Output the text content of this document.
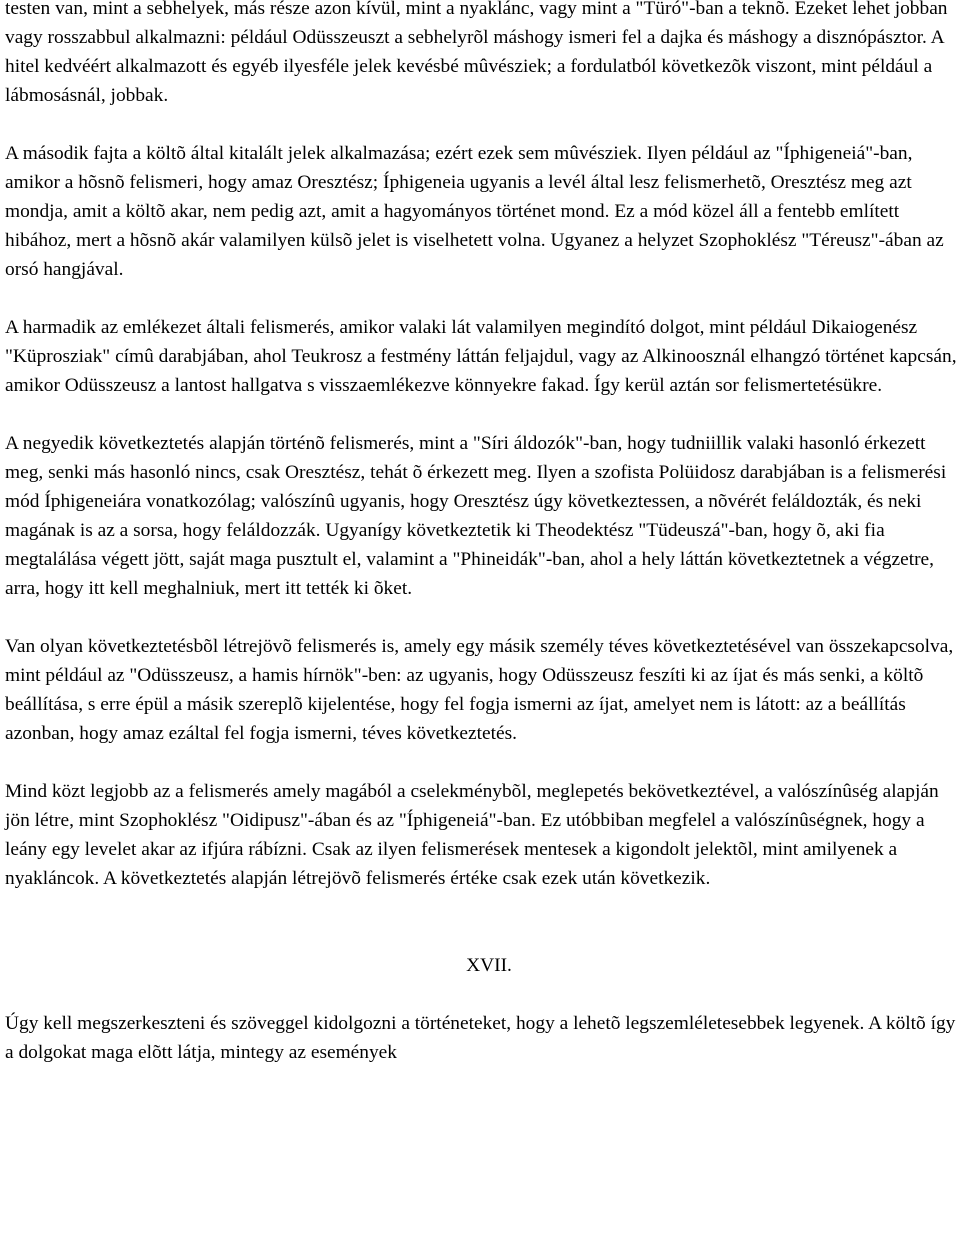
testen van, mint a sebhelyek, más része azon kívül, mint a nyaklánc, vagy mint a "Türó"-ban a teknõ. Ezeket lehet jobban vagy rosszabbul alkalmazni: például Odüsszeuszt a sebhelyrõl máshogy ismeri fel a dajka és máshogy a disznópásztor. A hitel kedvéért alkalmazott és egyéb ilyesféle jelek kevésbé mûvésziek; a fordulatból következõk viszont, mint például a lábmosásnál, jobbak.

A második fajta a költõ által kitalált jelek alkalmazása; ezért ezek sem mûvésziek. Ilyen például az "Íphigeneiá"-ban, amikor a hõsnõ felismeri, hogy amaz Oresztész; Íphigeneia ugyanis a levél által lesz felismerhetõ, Oresztész meg azt mondja, amit a költõ akar, nem pedig azt, amit a hagyományos történet mond. Ez a mód közel áll a fentebb említett hibához, mert a hõsnõ akár valamilyen külsõ jelet is viselhetett volna. Ugyanez a helyzet Szophoklész "Téreusz"-ában az orsó hangjával.

A harmadik az emlékezet általi felismerés, amikor valaki lát valamilyen megindító dolgot, mint például Dikaiogenész "Küprosziak" címû darabjában, ahol Teukrosz a festmény láttán feljajdul, vagy az Alkinoosznál elhangzó történet kapcsán, amikor Odüsszeusz a lantost hallgatva s visszaemlékezve könnyekre fakad. Így kerül aztán sor felismertetésükre.

A negyedik következtetés alapján történõ felismerés, mint a "Síri áldozók"-ban, hogy tudniillik valaki hasonló érkezett meg, senki más hasonló nincs, csak Oresztész, tehát õ érkezett meg. Ilyen a szofista Polüidosz darabjában is a felismerési mód Íphigeneiára vonatkozólag; valószínû ugyanis, hogy Oresztész úgy következtessen, a nõvérét feláldozták, és neki magának is az a sorsa, hogy feláldozzák. Ugyanígy következtetik ki Theodektész "Tüdeuszá"-ban, hogy õ, aki fia megtalálása végett jött, saját maga pusztult el, valamint a "Phineidák"-ban, ahol a hely láttán következtetnek a végzetre, arra, hogy itt kell meghalniuk, mert itt tették ki õket.

Van olyan következtetésbõl létrejövõ felismerés is, amely egy másik személy téves következtetésével van összekapcsolva, mint például az "Odüsszeusz, a hamis hírnök"-ben: az ugyanis, hogy Odüsszeusz feszíti ki az íjat és más senki, a költõ beállítása, s erre épül a másik szereplõ kijelentése, hogy fel fogja ismerni az íjat, amelyet nem is látott: az a beállítás azonban, hogy amaz ezáltal fel fogja ismerni, téves következtetés.

Mind közt legjobb az a felismerés amely magából a cselekménybõl, meglepetés bekövetkeztével, a valószínûség alapján jön létre, mint Szophoklész "Oidipusz"-ában és az "Íphigeneiá"-ban. Ez utóbbiban megfelel a valószínûségnek, hogy a leány egy levelet akar az ifjúra rábízni. Csak az ilyen felismerések mentesek a kigondolt jelektõl, mint amilyenek a nyakláncok. A következtetés alapján létrejövõ felismerés értéke csak ezek után következik.

XVII.

Úgy kell megszerkeszteni és szöveggel kidolgozni a történeteket, hogy a lehetõ legszemléletesebbek legyenek. A költõ így a dolgokat maga elõtt látja, mintegy az események
